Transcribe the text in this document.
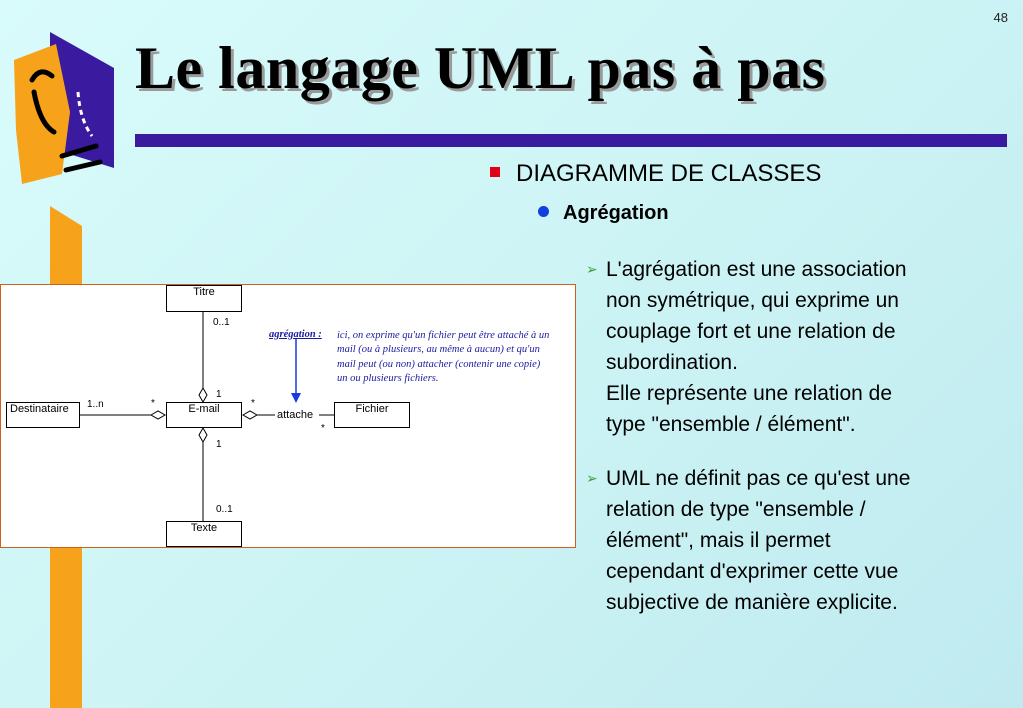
48
Le langage UML pas à pas
DIAGRAMME DE CLASSES
Agrégation
➢ L'agrégation est une association
non symétrique, qui exprime un
couplage fort et une relation de
subordination.
Elle représente une relation de
type "ensemble / élément".
➢ UML ne définit pas ce qu'est une
relation de type "ensemble /
élément", mais il permet
cependant d'exprimer cette vue
subjective de manière explicite.
Titre
E-mail
Texte
Destinataire	Fichier
0..1
1
1
0..1
1..n	*	*
*
attache
agrégation : ici, on exprime qu'un fichier peut être attaché à un
mail (ou à plusieurs, au même à aucun) et qu'un
mail peut (ou non) attacher (contenir une copie)
un ou plusieurs fichiers.
